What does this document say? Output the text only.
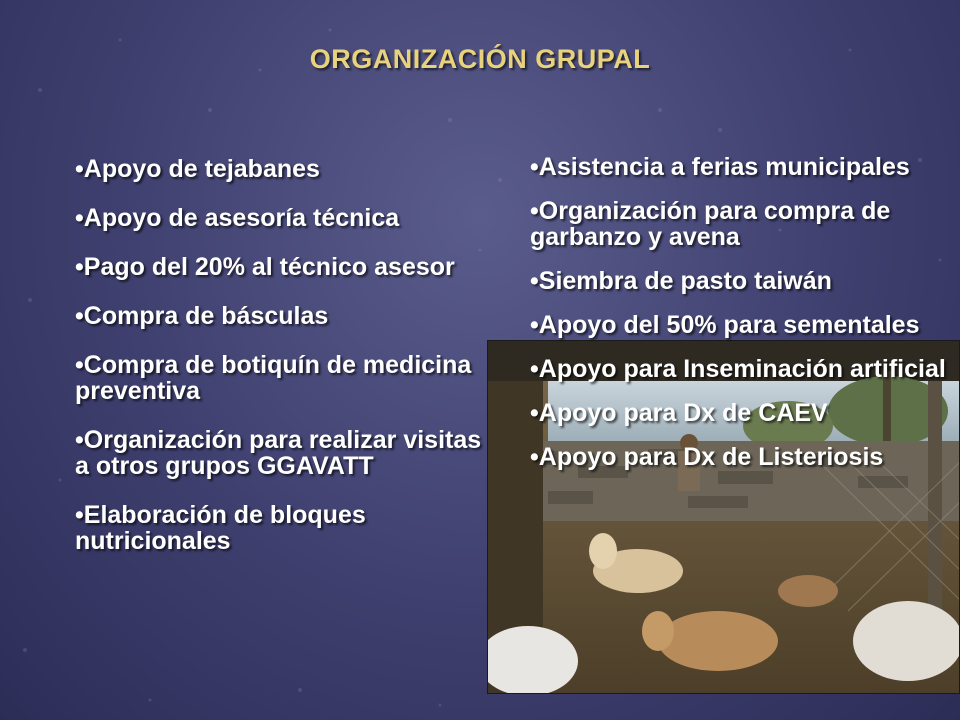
ORGANIZACIÓN GRUPAL
•Apoyo de tejabanes
•Apoyo de asesoría técnica
•Pago del 20% al técnico asesor
•Compra de básculas
•Compra de botiquín de medicina preventiva
•Organización para realizar visitas a otros grupos GGAVATT
•Elaboración de bloques nutricionales
•Asistencia a ferias municipales
•Organización para compra de garbanzo y avena
•Siembra de pasto taiwán
•Apoyo del 50% para sementales
•Apoyo para Inseminación artificial
•Apoyo para Dx de CAEV
•Apoyo para Dx de Listeriosis
